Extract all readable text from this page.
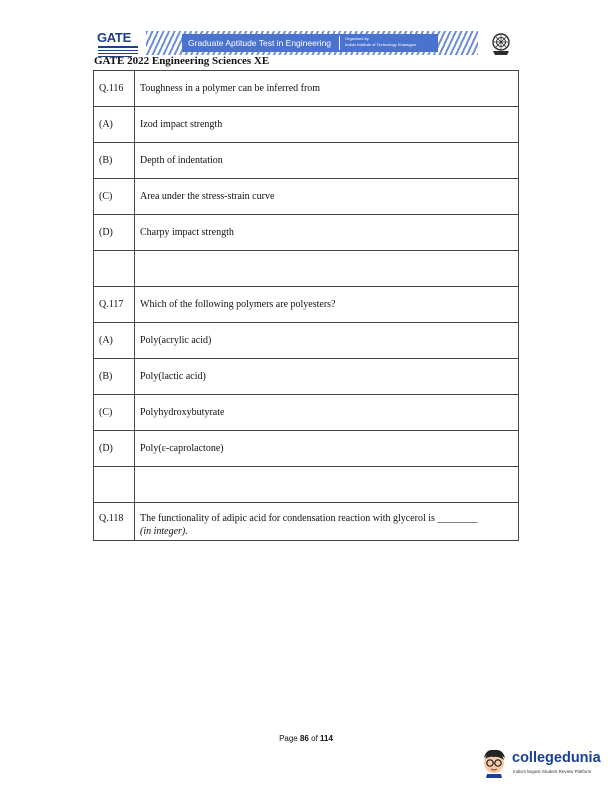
GATE	Graduate Aptitude Test in Engineering	Organised by
Indian Institute of Technology Kharagpur
GATE 2022 Engineering Sciences XE
Q.116	Toughness in a polymer can be inferred from
(A)	Izod impact strength
(B)	Depth of indentation
(C)	Area under the stress-strain curve
(D)	Charpy impact strength

Q.117	Which of the following polymers are polyesters?
(A)	Poly(acrylic acid)
(B)	Poly(lactic acid)
(C)	Polyhydroxybutyrate
(D)	Poly(ε-caprolactone)

Q.118	The functionality of adipic acid for condensation reaction with glycerol is ________
(in integer).
Page 86 of 114
collegedunia
India's largest Student Review Platform
